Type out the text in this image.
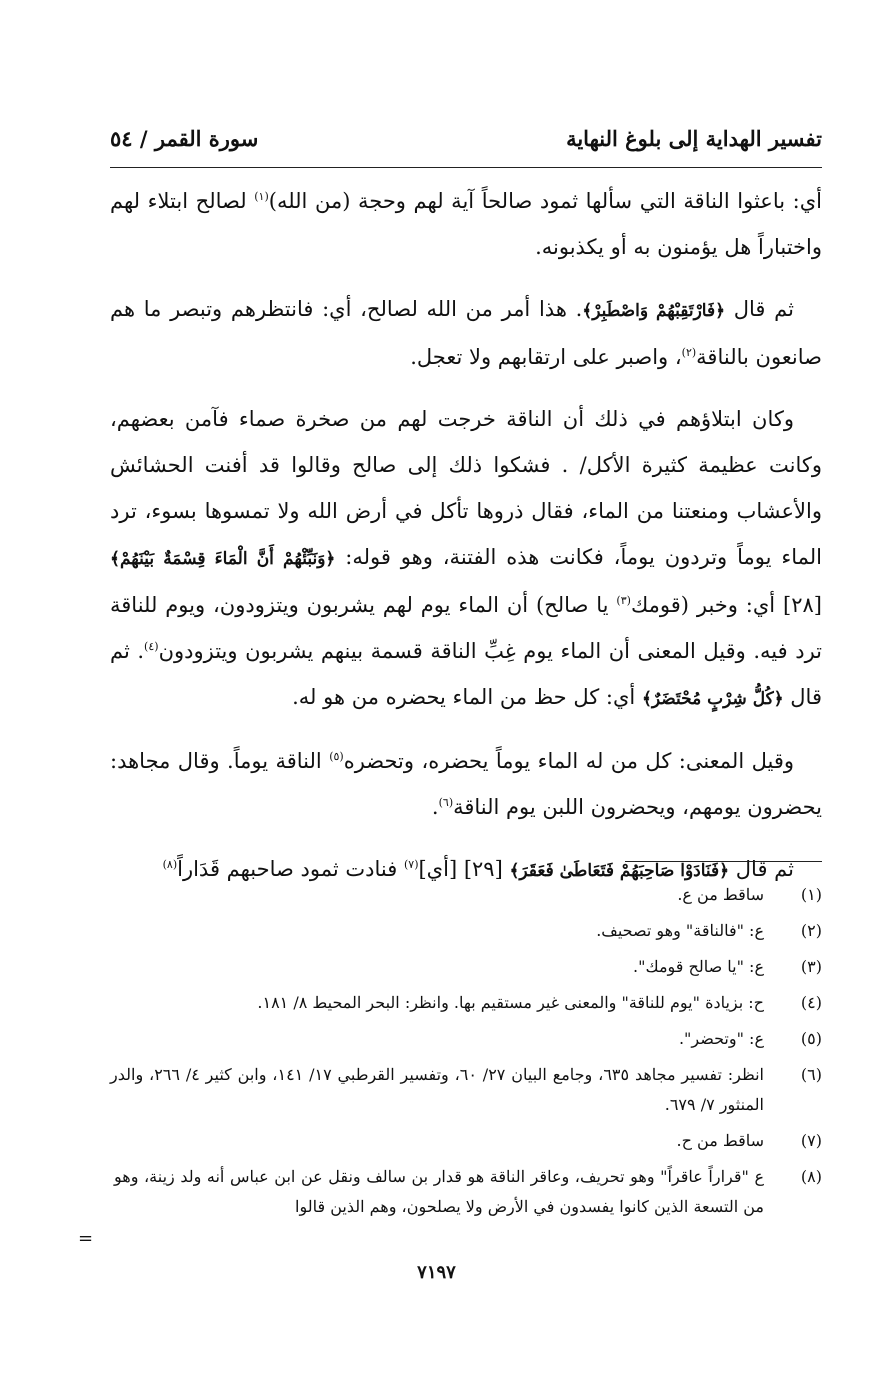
تفسير الهداية إلى بلوغ النهاية
سورة القمر / ٥٤

أي: باعثوا الناقة التي سألها ثمود صالحاً آية لهم وحجة (من الله)$^{(١)}$ لصالح ابتلاء لهم واختباراً هل يؤمنون به أو يكذبونه.

ثم قال ﴿فَارْتَقِبْهُمْ وَاصْطَبِرْ﴾. هذا أمر من الله لصالح، أي: فانتظرهم وتبصر ما هم صانعون بالناقة$^{(٢)}$، واصبر على ارتقابهم ولا تعجل.

وكان ابتلاؤهم في ذلك أن الناقة خرجت لهم من صخرة صماء فآمن بعضهم، وكانت عظيمة كثيرة الأكل/ . فشكوا ذلك إلى صالح وقالوا قد أفنت الحشائش والأعشاب ومنعتنا من الماء، فقال ذروها تأكل في أرض الله ولا تمسوها بسوء، ترد الماء يوماً وتردون يوماً، فكانت هذه الفتنة، وهو قوله: ﴿وَنَبِّئْهُمْ أَنَّ الْمَاءَ قِسْمَةٌ بَيْنَهُمْ﴾ [٢٨] أي: وخبر (قومك$^{(٣)}$ يا صالح) أن الماء يوم لهم يشربون ويتزودون، ويوم للناقة ترد فيه. وقيل المعنى أن الماء يوم غِبِّ الناقة قسمة بينهم يشربون ويتزودون$^{(٤)}$. ثم قال ﴿كُلُّ شِرْبٍ مُحْتَضَرٌ﴾ أي: كل حظ من الماء يحضره من هو له.

وقيل المعنى: كل من له الماء يوماً يحضره، وتحضره$^{(٥)}$ الناقة يوماً. وقال مجاهد: يحضرون يومهم، ويحضرون اللبن يوم الناقة$^{(٦)}$.

ثم قال ﴿فَنَادَوْا صَاحِبَهُمْ فَتَعَاطَىٰ فَعَقَرَ﴾ [٢٩] [أي]$^{(٧)}$ فنادت ثمود صاحبهم قَدَاراً$^{(٨)}$

(١)
ساقط من ع.
(٢)
ع: "فالناقة" وهو تصحيف.
(٣)
ع: "يا صالح قومك".
(٤)
ح: بزيادة "يوم للناقة" والمعنى غير مستقيم بها. وانظر: البحر المحيط ٨/ ١٨١.
(٥)
ع: "وتحضر".
(٦)
انظر: تفسير مجاهد ٦٣٥، وجامع البيان ٢٧/ ٦٠، وتفسير القرطبي ١٧/ ١٤١، وابن كثير ٤/ ٢٦٦، والدر المنثور ٧/ ٦٧٩.
(٧)
ساقط من ح.
(٨)
ع "قراراً عاقراً" وهو تحريف، وعاقر الناقة هو قدار بن سالف ونقل عن ابن عباس أنه ولد زينة، وهو من التسعة الذين كانوا يفسدون في الأرض ولا يصلحون، وهم الذين قالوا
=
٧١٩٧
